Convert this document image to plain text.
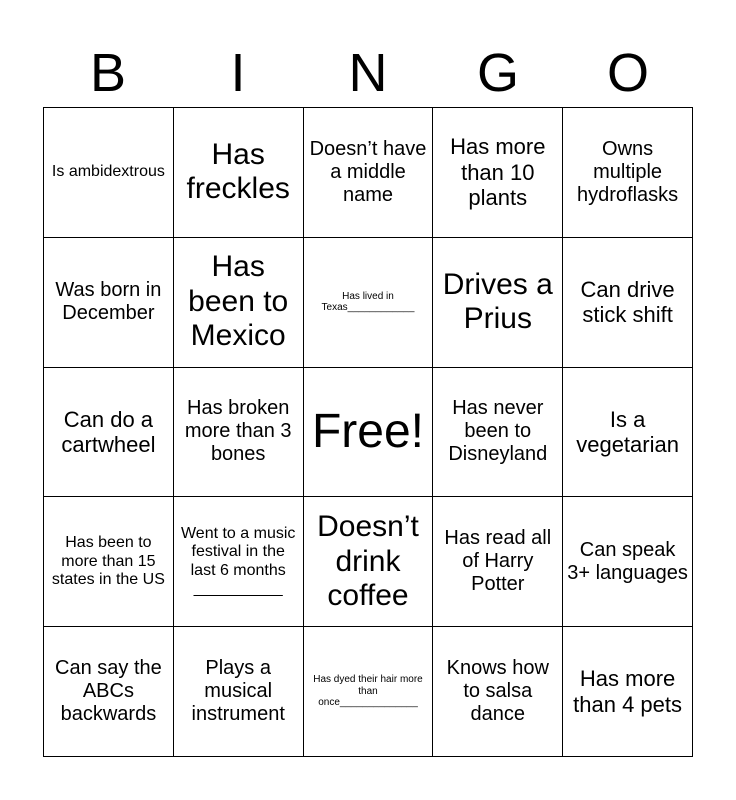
B	I	N	G	O
Is ambidextrous
Has freckles
Doesn’t have a middle name
Has more than 10 plants
Owns multiple hydroflasks
Was born in December
Has been to Mexico
Has lived in Texas____________
Drives a Prius
Can drive stick shift
Can do a cartwheel
Has broken more than 3 bones Free!	Has never been to Disneyland
Is a vegetarian
Has been to more than 15 states in the US
Went to a music festival in the last 6 months __________
Doesn’t drink coffee
Has read all of Harry Potter
Can speak 3+ languages
Can say the ABCs backwards
Plays a musical instrument
Has dyed their hair more than once______________
Knows how to salsa dance
Has more than 4 pets
